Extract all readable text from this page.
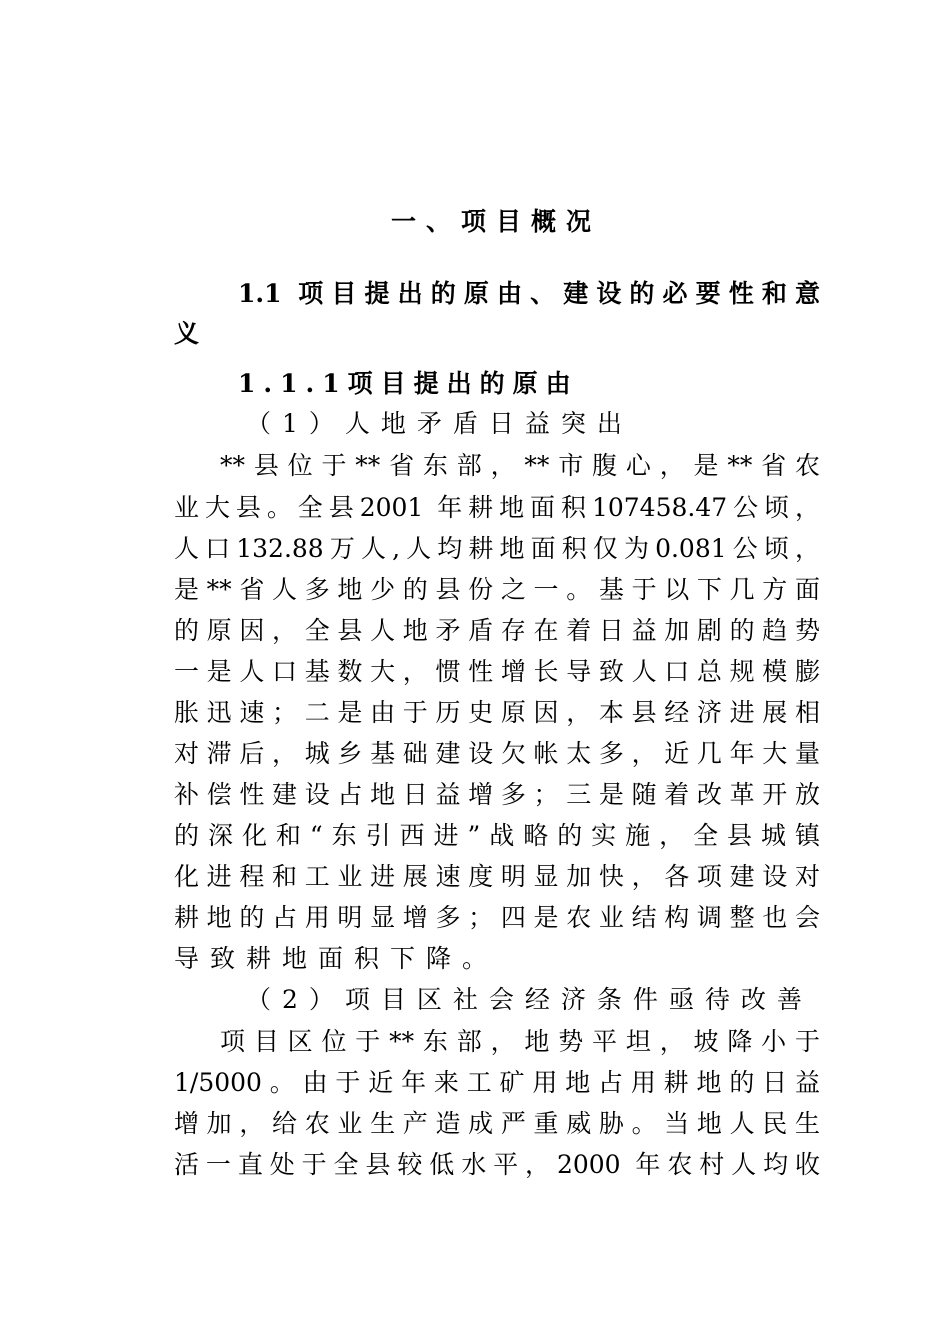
一、项目概况
1.1 项目提出的原由、建设的必要性和意
义
1.1.1项目提出的原由
（1）人地矛盾日益突出
**县位于**省东部，**市腹心，是**省农
业大县。全县2001 年耕地面积107458.47公顷，
人口132.88万人,人均耕地面积仅为0.081公顷，
是**省人多地少的县份之一。基于以下几方面
的原因，全县人地矛盾存在着日益加剧的趋势
一是人口基数大，惯性增长导致人口总规模膨
胀迅速；二是由于历史原因，本县经济进展相
对滞后，城乡基础建设欠帐太多，近几年大量
补偿性建设占地日益增多；三是随着改革开放
的深化和“东引西进”战略的实施，全县城镇
化进程和工业进展速度明显加快，各项建设对
耕地的占用明显增多；四是农业结构调整也会
导致耕地面积下降。
（2）项目区社会经济条件亟待改善
项目区位于**东部，地势平坦，坡降小于
1/5000。由于近年来工矿用地占用耕地的日益
增加，给农业生产造成严重威胁。当地人民生
活一直处于全县较低水平，2000 年农村人均收
